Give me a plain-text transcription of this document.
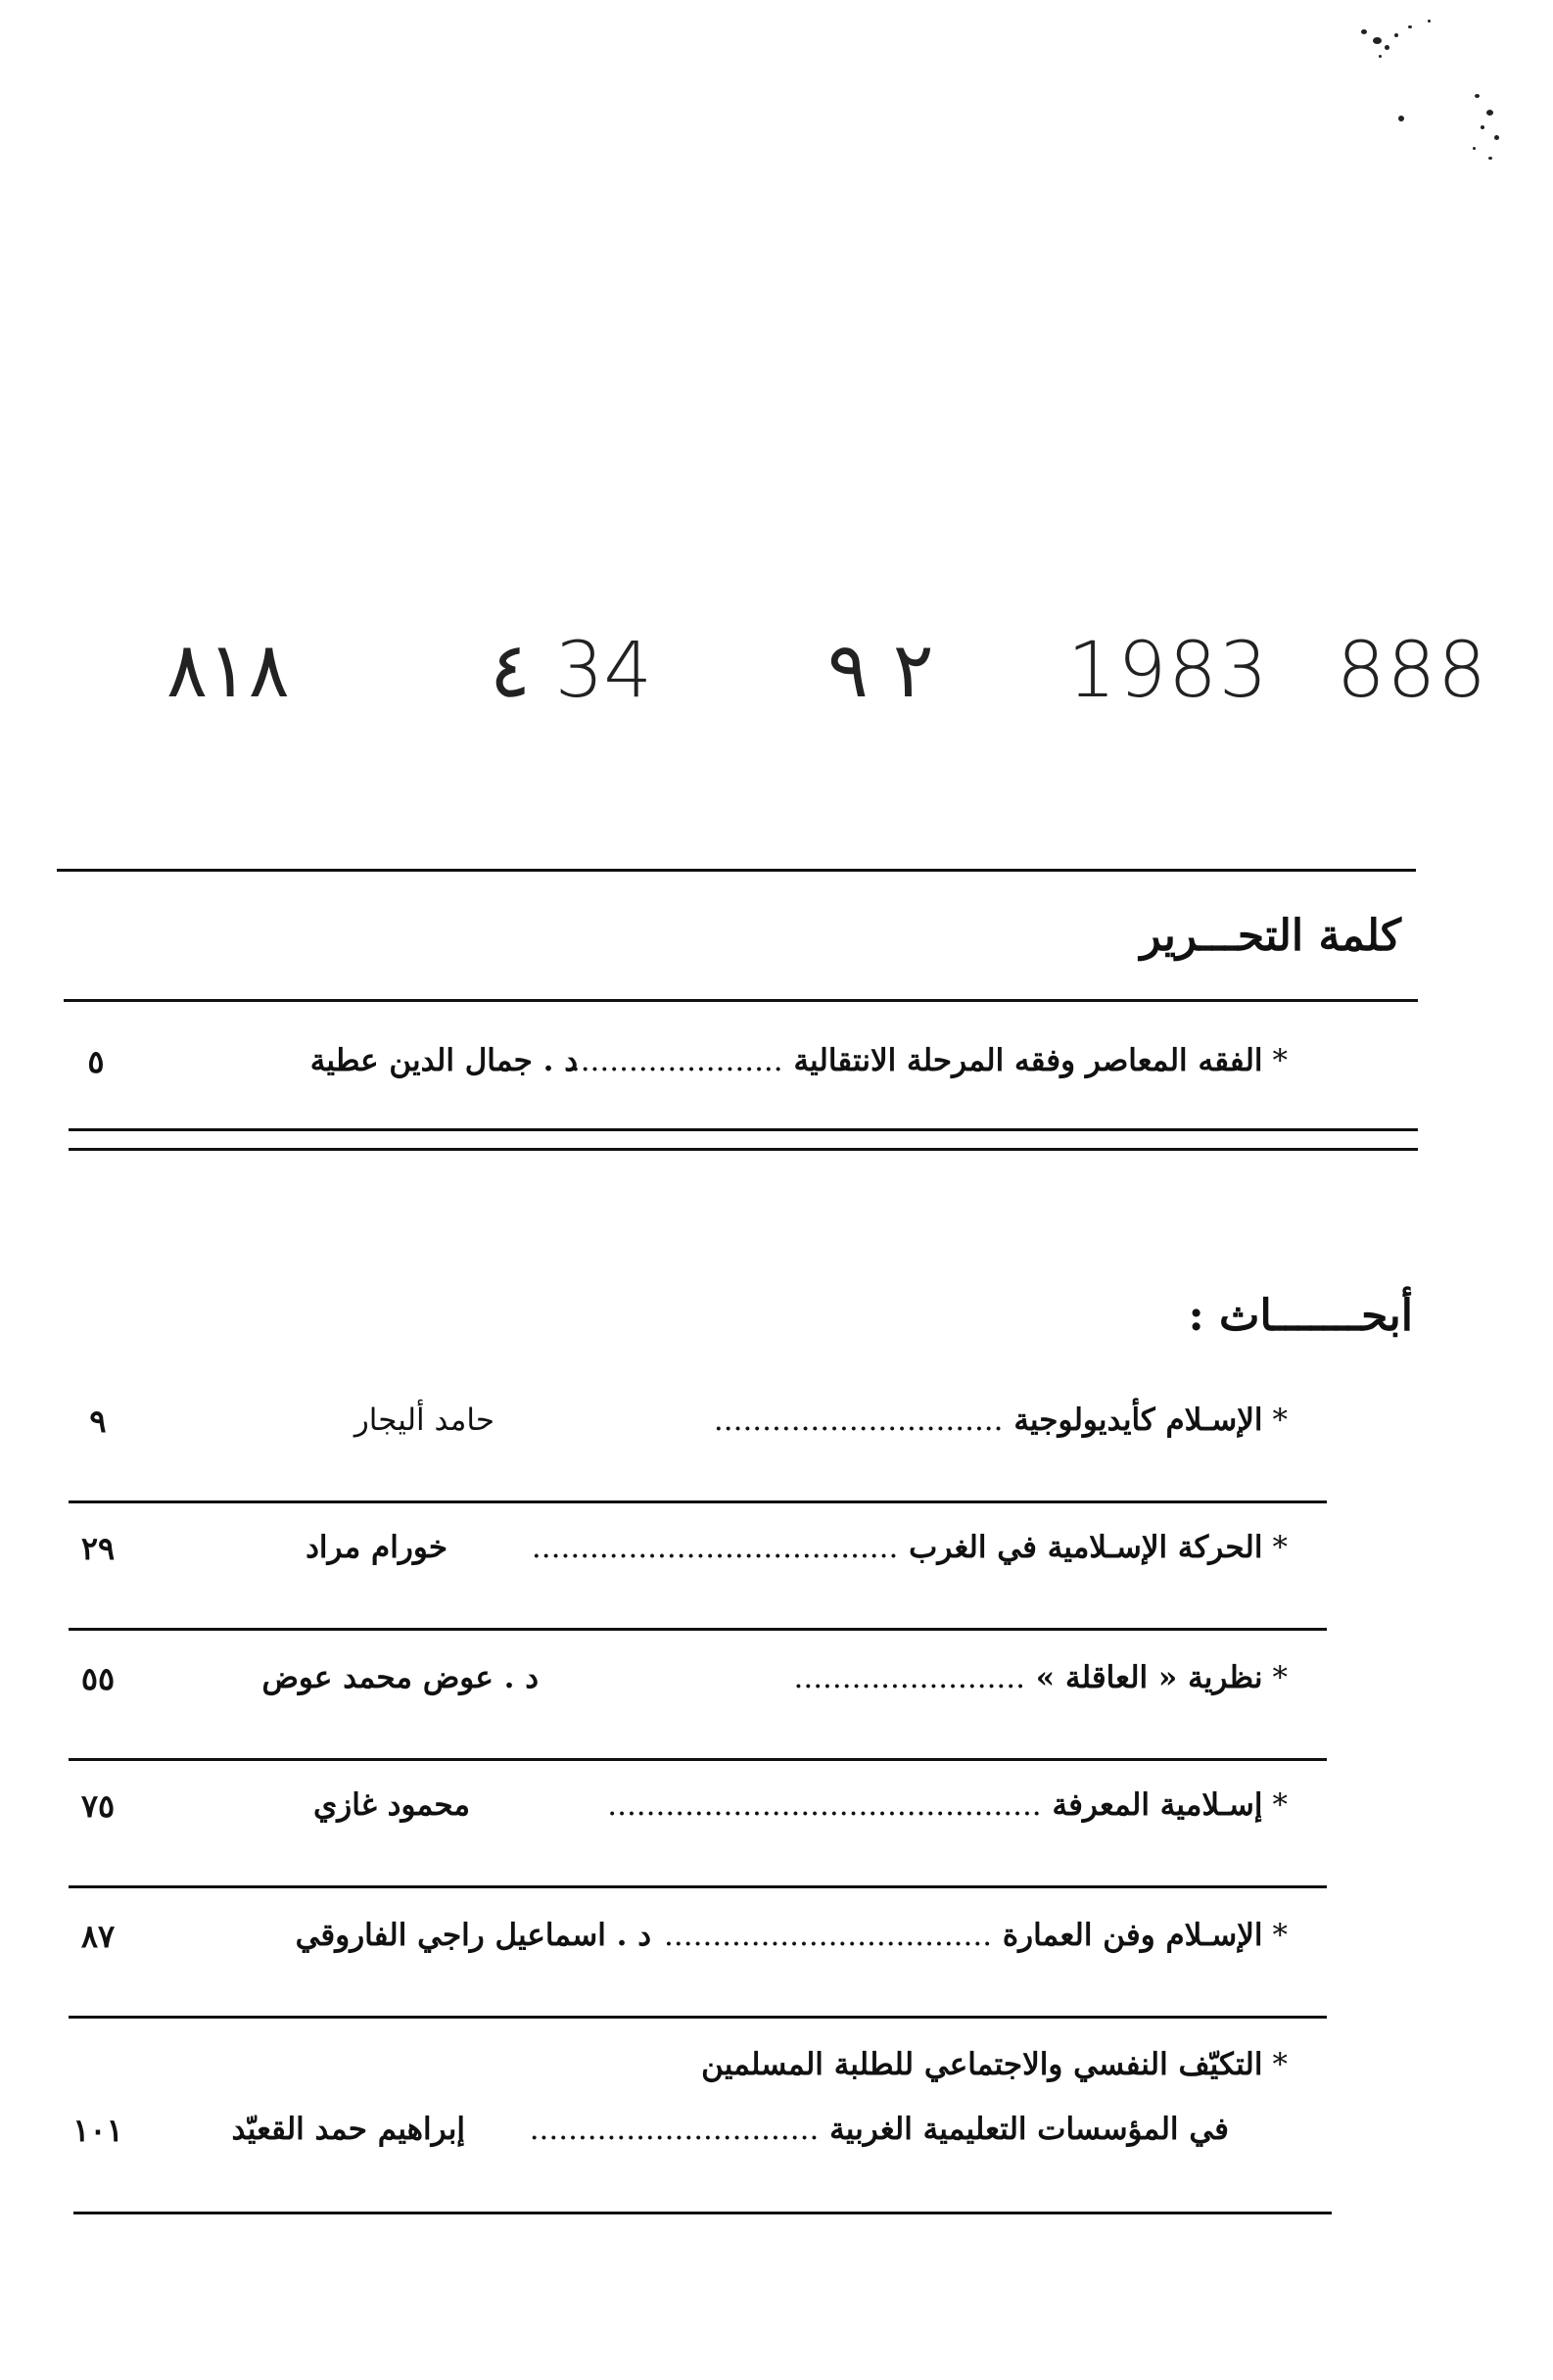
888
1983
٢ ٩
٤ 34
٨١٨
كلمة التحـــرير
*الفقه المعاصر وفقه المرحلة الانتقالية ......................
د . جمال الدين عطية
٥
أبحـــــــاث :
*الإسـلام كأيديولوجية ..............................
حامد أليجار
٩
*الحركة الإسـلامية في الغرب ......................................
خورام مراد
٢٩
*نظرية « العاقلة » ........................
د . عوض محمد عوض
٥٥
*إسـلامية المعرفة .............................................
محمود غازي
٧٥
*الإسـلام وفن العمارة ..................................
د . اسماعيل راجي الفاروقي
٨٧
*التكيّف النفسي والاجتماعي للطلبة المسلمين
في المؤسسات التعليمية الغربية ..............................
إبراهيم حمد القعيّد
١٠١
